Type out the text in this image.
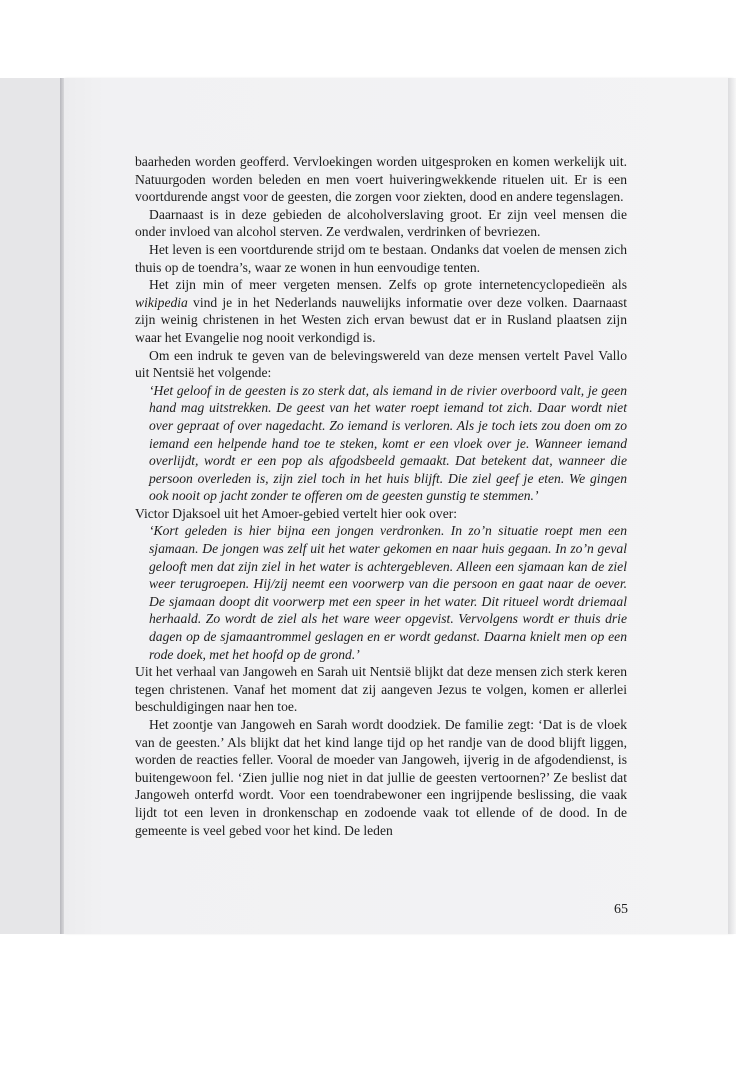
baarheden worden geofferd. Vervloekingen worden uitgesproken en komen werkelijk uit. Natuurgoden worden beleden en men voert huiveringwekkende rituelen uit. Er is een voortdurende angst voor de geesten, die zorgen voor ziekten, dood en andere tegenslagen.

Daarnaast is in deze gebieden de alcoholverslaving groot. Er zijn veel mensen die onder invloed van alcohol sterven. Ze verdwalen, verdrinken of bevriezen.

Het leven is een voortdurende strijd om te bestaan. Ondanks dat voelen de mensen zich thuis op de toendra’s, waar ze wonen in hun eenvoudige tenten.

Het zijn min of meer vergeten mensen. Zelfs op grote internetencyclopedieën als wikipedia vind je in het Nederlands nauwelijks informatie over deze volken. Daarnaast zijn weinig christenen in het Westen zich ervan bewust dat er in Rusland plaatsen zijn waar het Evangelie nog nooit verkondigd is.

Om een indruk te geven van de belevingswereld van deze mensen vertelt Pavel Vallo uit Nentsië het volgende:

‘Het geloof in de geesten is zo sterk dat, als iemand in de rivier overboord valt, je geen hand mag uitstrekken. De geest van het water roept iemand tot zich. Daar wordt niet over gepraat of over nagedacht. Zo iemand is verloren. Als je toch iets zou doen om zo iemand een helpende hand toe te steken, komt er een vloek over je. Wanneer iemand overlijdt, wordt er een pop als afgodsbeeld gemaakt. Dat betekent dat, wanneer die persoon overleden is, zijn ziel toch in het huis blijft. Die ziel geef je eten. We gingen ook nooit op jacht zonder te offeren om de geesten gunstig te stemmen.’

Victor Djaksoel uit het Amoer-gebied vertelt hier ook over:

‘Kort geleden is hier bijna een jongen verdronken. In zo’n situatie roept men een sjamaan. De jongen was zelf uit het water gekomen en naar huis gegaan. In zo’n geval gelooft men dat zijn ziel in het water is achtergebleven. Alleen een sjamaan kan de ziel weer terugroepen. Hij/zij neemt een voorwerp van die persoon en gaat naar de oever. De sjamaan doopt dit voorwerp met een speer in het water. Dit ritueel wordt driemaal herhaald. Zo wordt de ziel als het ware weer opgevist. Vervolgens wordt er thuis drie dagen op de sjamaantrommel geslagen en er wordt gedanst. Daarna knielt men op een rode doek, met het hoofd op de grond.’

Uit het verhaal van Jangoweh en Sarah uit Nentsië blijkt dat deze mensen zich sterk keren tegen christenen. Vanaf het moment dat zij aangeven Jezus te volgen, komen er allerlei beschuldigingen naar hen toe.

Het zoontje van Jangoweh en Sarah wordt doodziek. De familie zegt: ‘Dat is de vloek van de geesten.’ Als blijkt dat het kind lange tijd op het randje van de dood blijft liggen, worden de reacties feller. Vooral de moeder van Jangoweh, ijverig in de afgodendienst, is buitengewoon fel. ‘Zien jullie nog niet in dat jullie de geesten vertoornen?’ Ze beslist dat Jangoweh onterfd wordt. Voor een toendrabewoner een ingrijpende beslissing, die vaak lijdt tot een leven in dronkenschap en zodoende vaak tot ellende of de dood. In de gemeente is veel gebed voor het kind. De leden

65
